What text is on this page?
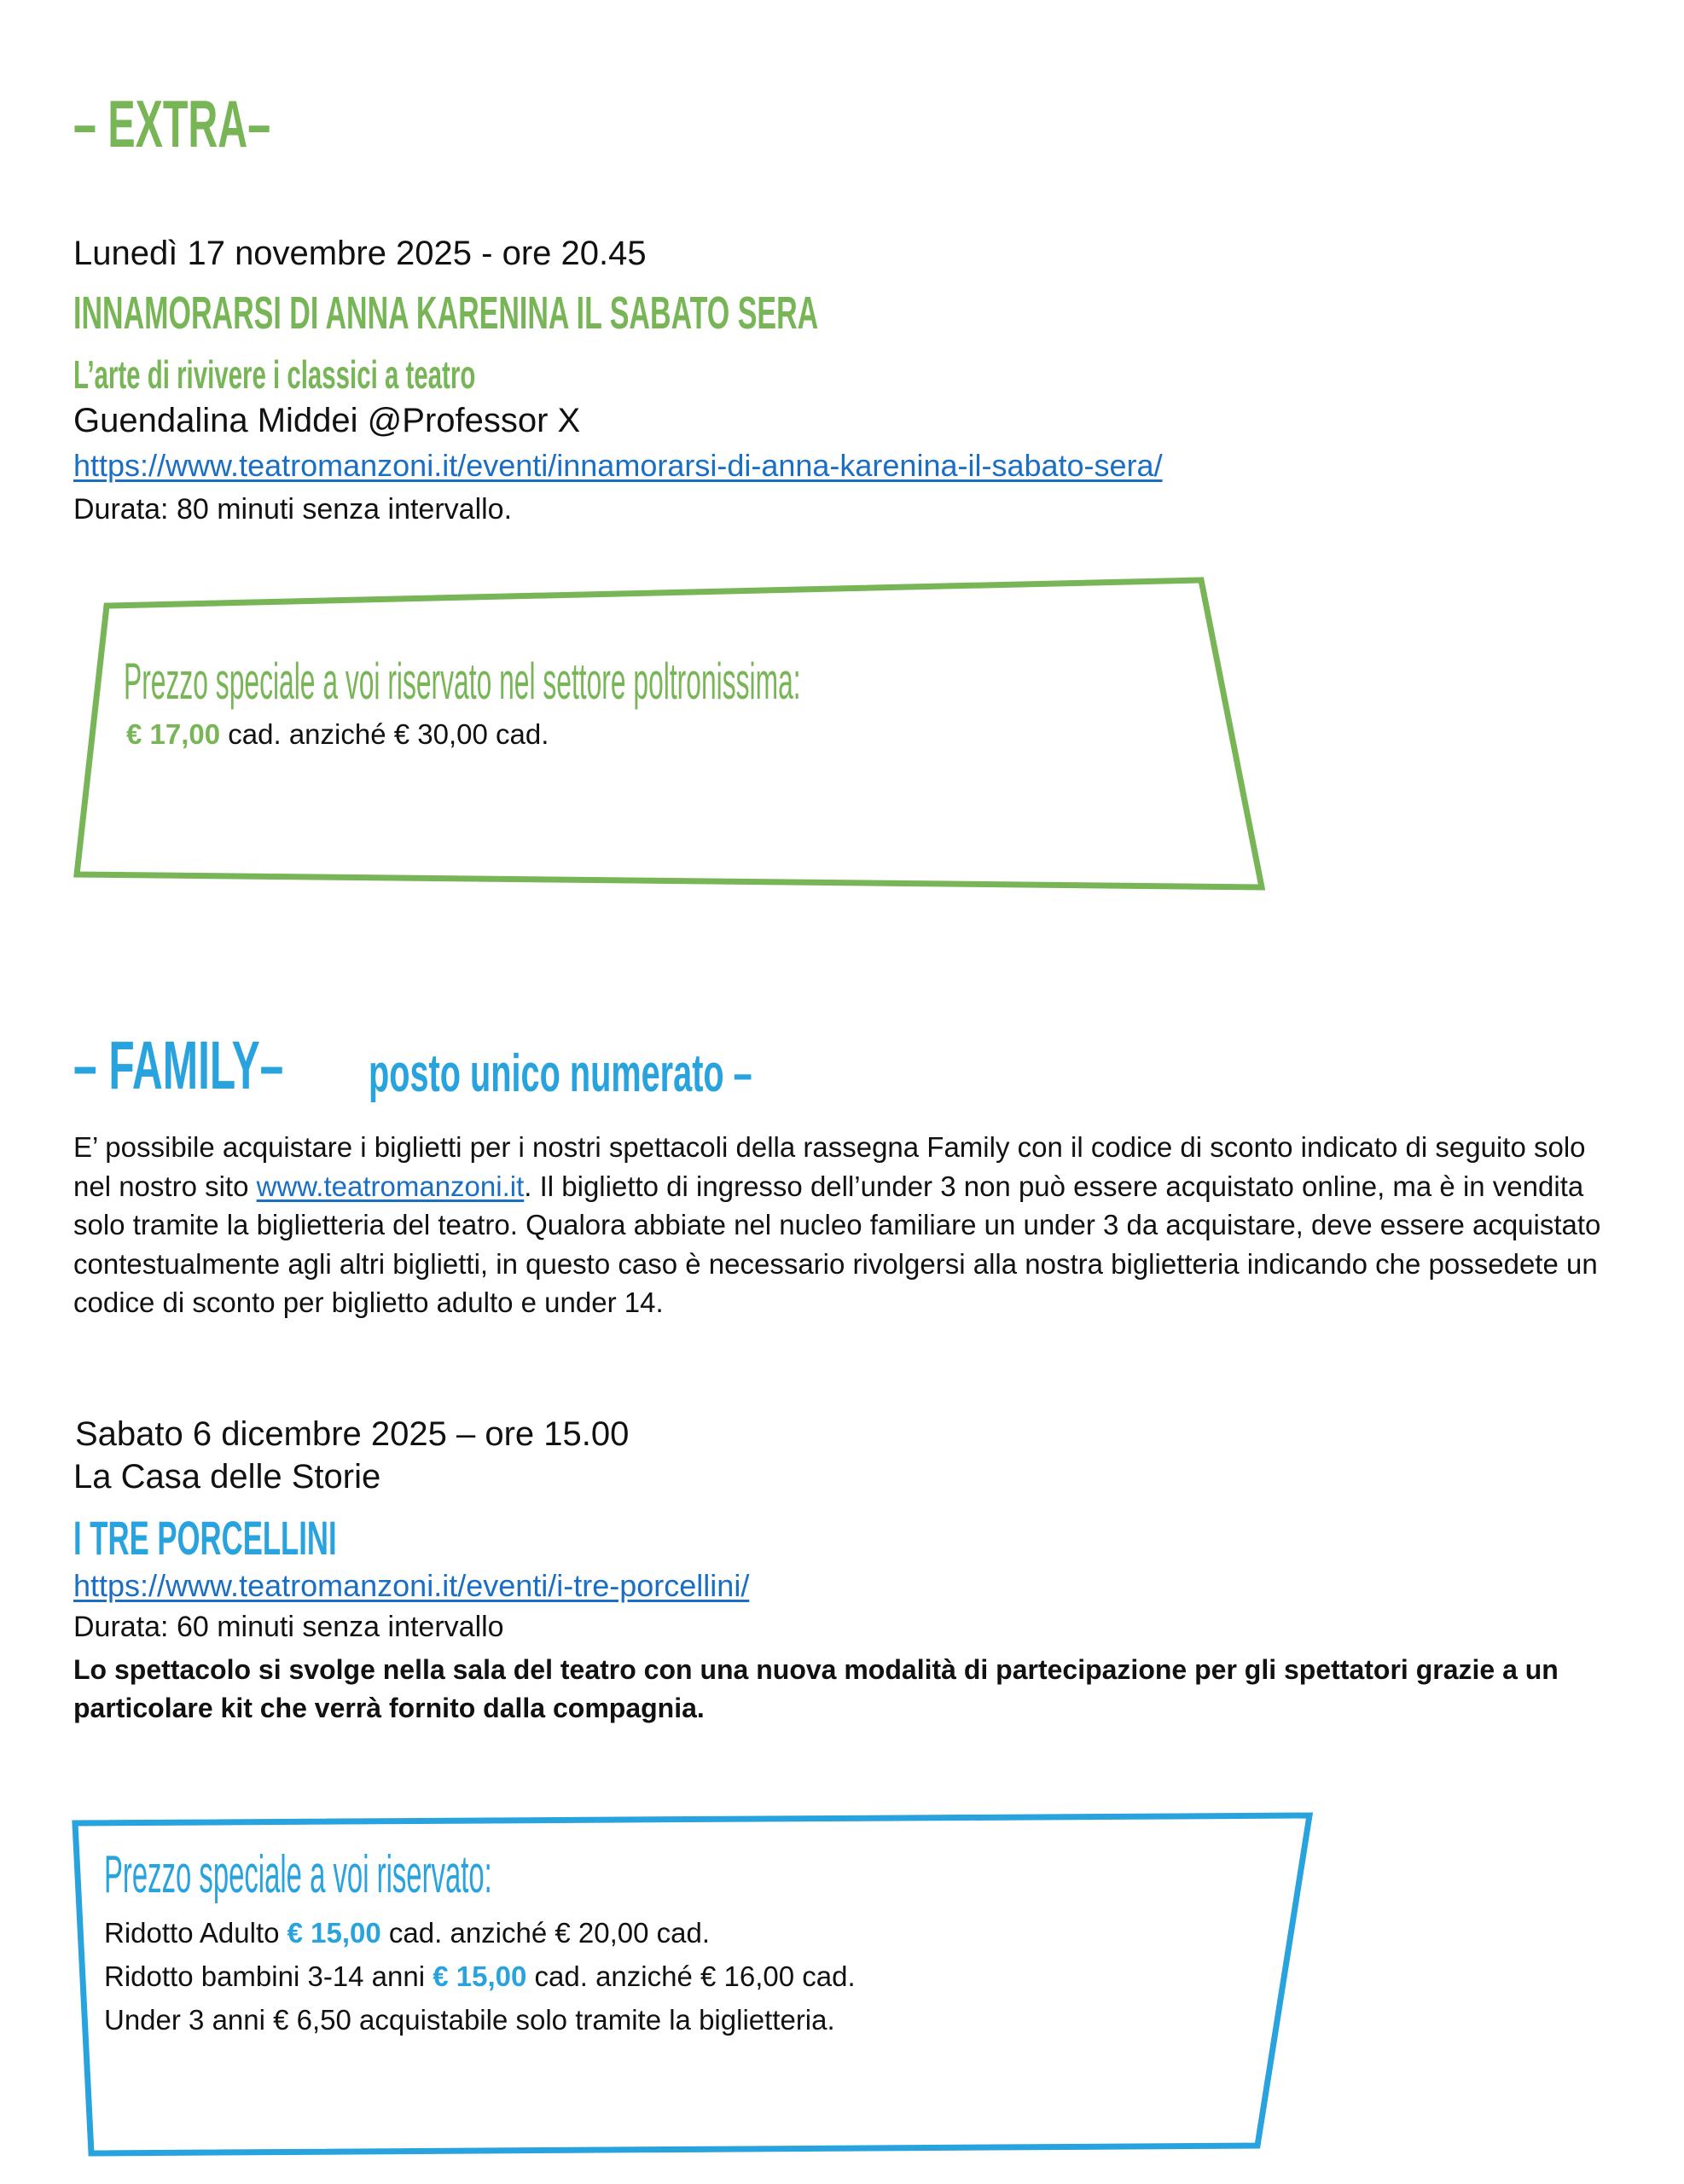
– EXTRA–
Lunedì 17 novembre 2025 - ore 20.45
INNAMORARSI DI ANNA KARENINA IL SABATO SERA
L’arte di rivivere i classici a teatro
Guendalina Middei @Professor X
https://www.teatromanzoni.it/eventi/innamorarsi-di-anna-karenina-il-sabato-sera/
Durata: 80 minuti senza intervallo.
Prezzo speciale a voi riservato nel settore poltronissima:
€ 17,00 cad. anziché € 30,00 cad.
– FAMILY– posto unico numerato –
E’ possibile acquistare i biglietti per i nostri spettacoli della rassegna Family con il codice di sconto indicato di seguito solo nel nostro sito www.teatromanzoni.it. Il biglietto di ingresso dell’under 3 non può essere acquistato online, ma è in vendita solo tramite la biglietteria del teatro. Qualora abbiate nel nucleo familiare un under 3 da acquistare, deve essere acquistato contestualmente agli altri biglietti, in questo caso è necessario rivolgersi alla nostra biglietteria indicando che possedete un codice di sconto per biglietto adulto e under 14.
Sabato 6 dicembre 2025 – ore 15.00
La Casa delle Storie
I TRE PORCELLINI
https://www.teatromanzoni.it/eventi/i-tre-porcellini/
Durata: 60 minuti senza intervallo
Lo spettacolo si svolge nella sala del teatro con una nuova modalità di partecipazione per gli spettatori grazie a un particolare kit che verrà fornito dalla compagnia.
Prezzo speciale a voi riservato:
Ridotto Adulto € 15,00 cad. anziché € 20,00 cad.
Ridotto bambini 3-14 anni € 15,00 cad. anziché € 16,00 cad.
Under 3 anni € 6,50 acquistabile solo tramite la biglietteria.
